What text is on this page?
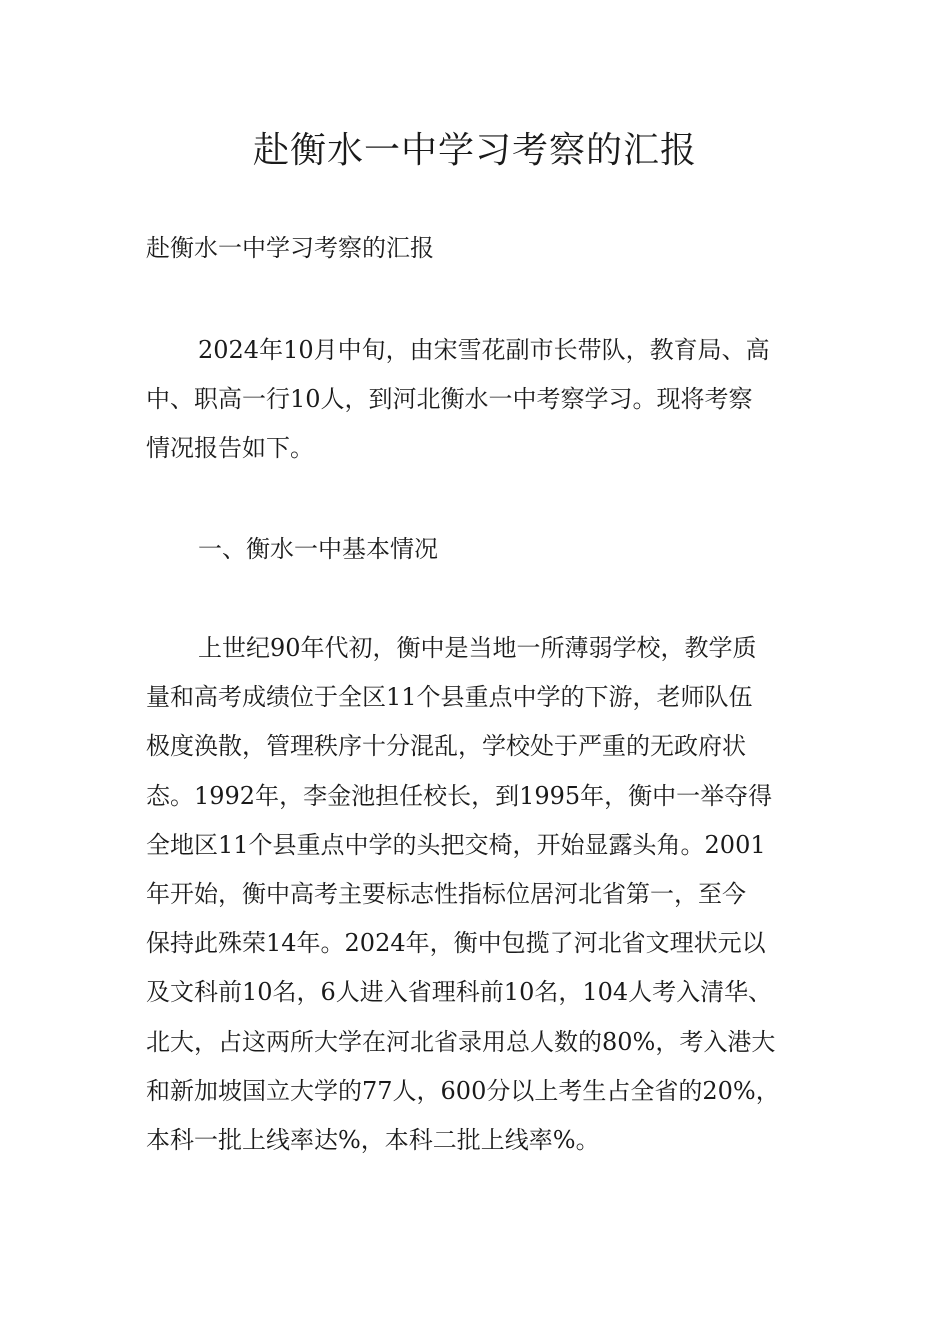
赴衡水一中学习考察的汇报

赴衡水一中学习考察的汇报

2024年10月中旬，由宋雪花副市长带队，教育局、高
中、职高一行10人，到河北衡水一中考察学习。现将考察
情况报告如下。
一、衡水一中基本情况
上世纪90年代初，衡中是当地一所薄弱学校，教学质
量和高考成绩位于全区11个县重点中学的下游，老师队伍
极度涣散，管理秩序十分混乱，学校处于严重的无政府状
态。1992年，李金池担任校长，到1995年，衡中一举夺得
全地区11个县重点中学的头把交椅，开始显露头角。2001
年开始，衡中高考主要标志性指标位居河北省第一，至今
保持此殊荣14年。2024年，衡中包揽了河北省文理状元以
及文科前10名，6人进入省理科前10名，104人考入清华、
北大，占这两所大学在河北省录用总人数的80%，考入港大
和新加坡国立大学的77人，600分以上考生占全省的20%，
本科一批上线率达%，本科二批上线率%。
